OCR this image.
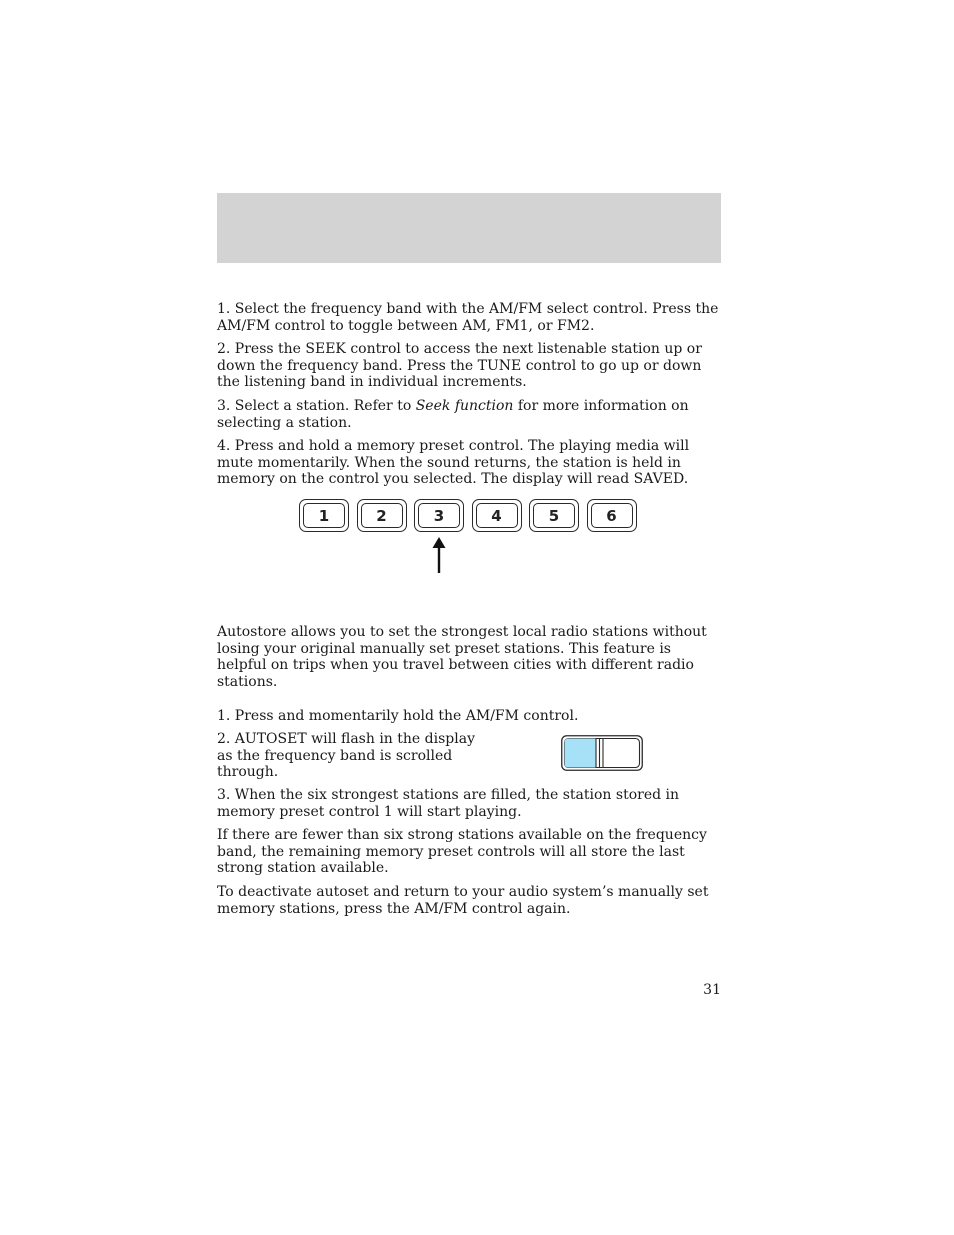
1. Select the frequency band with the AM/FM select control. Press the AM/FM control to toggle between AM, FM1, or FM2.

2. Press the SEEK control to access the next listenable station up or down the frequency band. Press the TUNE control to go up or down the listening band in individual increments.

3. Select a station. Refer to Seek function for more information on selecting a station.

4. Press and hold a memory preset control. The playing media will mute momentarily. When the sound returns, the station is held in memory on the control you selected. The display will read SAVED.

1	2	3	4	5	6

Autostore allows you to set the strongest local radio stations without losing your original manually set preset stations. This feature is helpful on trips when you travel between cities with different radio stations.

1. Press and momentarily hold the AM/FM control.

2. AUTOSET will flash in the display as the frequency band is scrolled through.

3. When the six strongest stations are filled, the station stored in memory preset control 1 will start playing.

If there are fewer than six strong stations available on the frequency band, the remaining memory preset controls will all store the last strong station available.

To deactivate autoset and return to your audio system’s manually set memory stations, press the AM/FM control again.

31
